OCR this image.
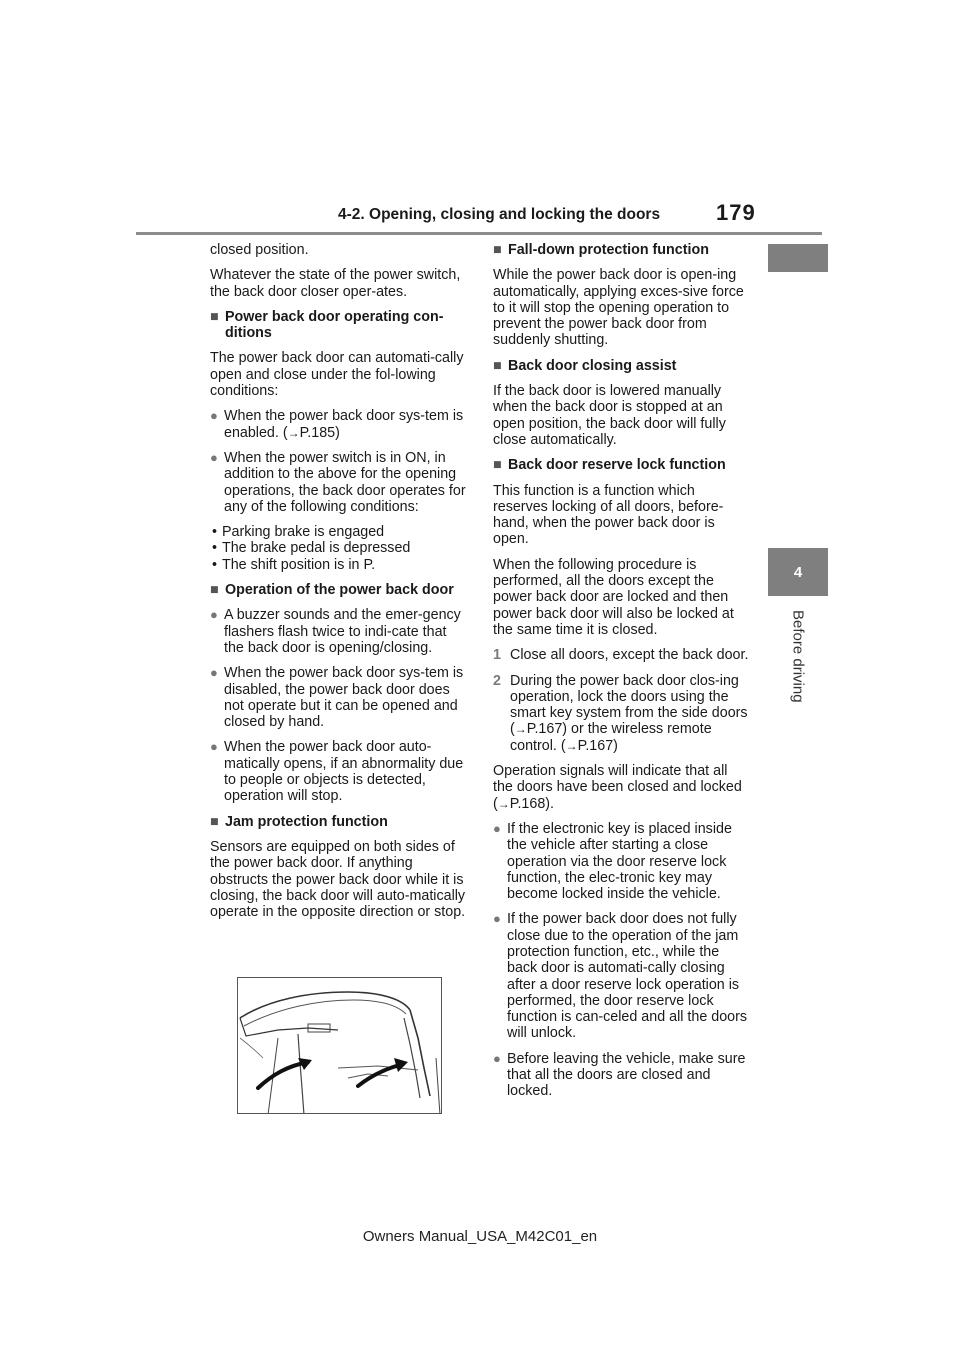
4-2. Opening, closing and locking the doors	179
4
Before driving

closed position.

Whatever the state of the power switch, the back door closer oper-ates.

■ Power back door operating con-ditions

The power back door can automati-cally open and close under the fol-lowing conditions:

● When the power back door sys-tem is enabled. (→P.185)
● When the power switch is in ON, in addition to the above for the opening operations, the back door operates for any of the following conditions:
• Parking brake is engaged
• The brake pedal is depressed
• The shift position is in P.
■ Operation of the power back door
● A buzzer sounds and the emer-gency flashers flash twice to indi-cate that the back door is opening/closing.
● When the power back door sys-tem is disabled, the power back door does not operate but it can be opened and closed by hand.
● When the power back door auto-matically opens, if an abnormality due to people or objects is detected, operation will stop.
■ Jam protection function

Sensors are equipped on both sides of the power back door. If anything obstructs the power back door while it is closing, the back door will auto-matically operate in the opposite direction or stop.

■ Fall-down protection function

While the power back door is open-ing automatically, applying exces-sive force to it will stop the opening operation to prevent the power back door from suddenly shutting.

■ Back door closing assist

If the back door is lowered manually when the back door is stopped at an open position, the back door will fully close automatically.

■ Back door reserve lock function

This function is a function which reserves locking of all doors, before-hand, when the power back door is open.

When the following procedure is performed, all the doors except the power back door are locked and then power back door will also be locked at the same time it is closed.

1 Close all doors, except the back door.
2 During the power back door clos-ing operation, lock the doors using the smart key system from the side doors (→P.167) or the wireless remote control. (→P.167)

Operation signals will indicate that all the doors have been closed and locked (→P.168).

● If the electronic key is placed inside the vehicle after starting a close operation via the door reserve lock function, the elec-tronic key may become locked inside the vehicle.
● If the power back door does not fully close due to the operation of the jam protection function, etc., while the back door is automati-cally closing after a door reserve lock operation is performed, the door reserve lock function is can-celed and all the doors will unlock.
● Before leaving the vehicle, make sure that all the doors are closed and locked.
Owners Manual_USA_M42C01_en
